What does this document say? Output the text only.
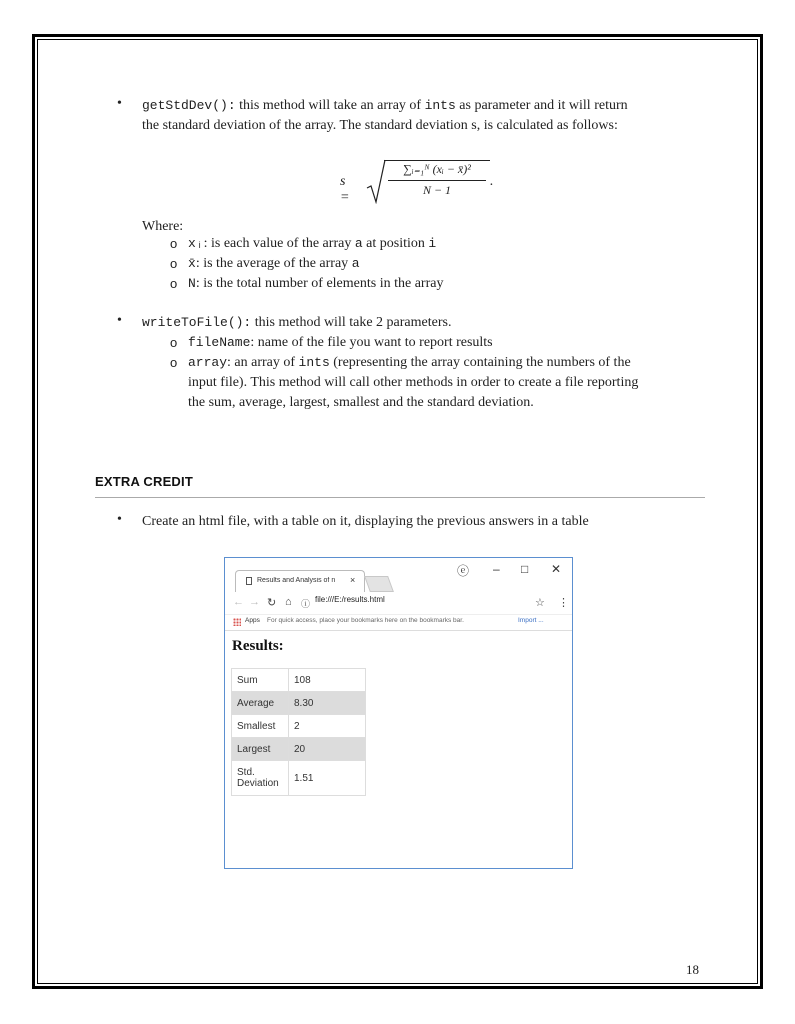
• getStdDev(): this method will take an array of ints as parameter and it will return
the standard deviation of the array. The standard deviation s, is calculated as follows:
s =
∑ᵢ₌₁ᴺ (xᵢ − x̄)²
N − 1
.
Where:
o xᵢ: is each value of the array a at position i
o x̄: is the average of the array a
o N: is the total number of elements in the array
• writeToFile(): this method will take 2 parameters.
o fileName: name of the file you want to report results
o array: an array of ints (representing the array containing the numbers of the
input file). This method will call other methods in order to create a file reporting
the sum, average, largest, smallest and the standard deviation.
EXTRA CREDIT
• Create an html file, with a table on it, displaying the previous answers in a table
Results and Analysis of n	×
ⓔ – □ ✕
← → ↻ ⌂ ⓘ file:///E:/results.html	☆ ⋮
Apps For quick access, place your bookmarks here on the bookmarks bar.	Import ...
Results:
Sum	108
Average	8.30
Smallest	2
Largest	20
Std. Deviation	1.51
18
